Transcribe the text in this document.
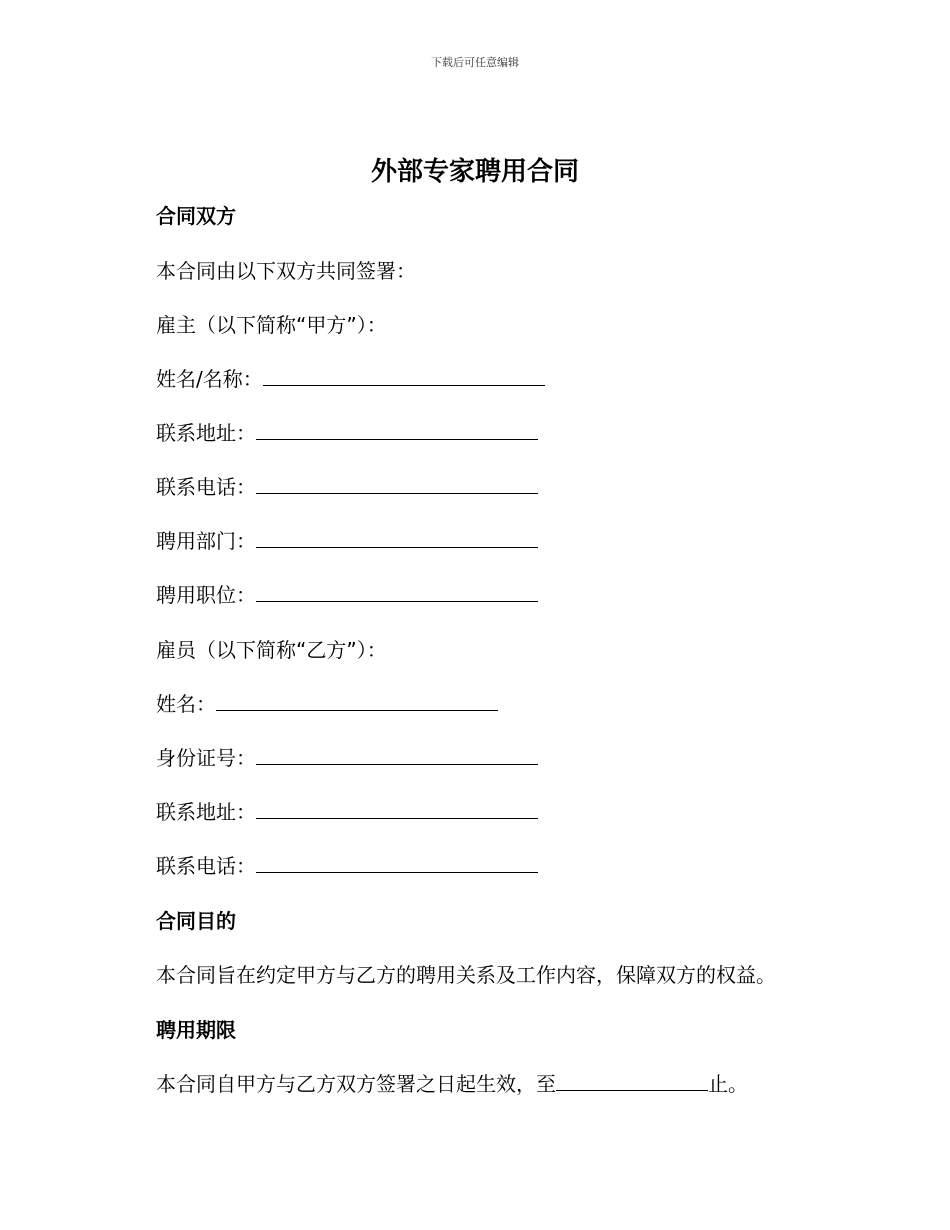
下载后可任意编辑
外部专家聘用合同
合同双方
本合同由以下双方共同签署：
雇主（以下简称“甲方”）：
姓名/名称：
联系地址：
联系电话：
聘用部门：
聘用职位：
雇员（以下简称“乙方”）：
姓名：
身份证号：
联系地址：
联系电话：
合同目的
本合同旨在约定甲方与乙方的聘用关系及工作内容，保障双方的权益。
聘用期限
本合同自甲方与乙方双方签署之日起生效，至	止。
